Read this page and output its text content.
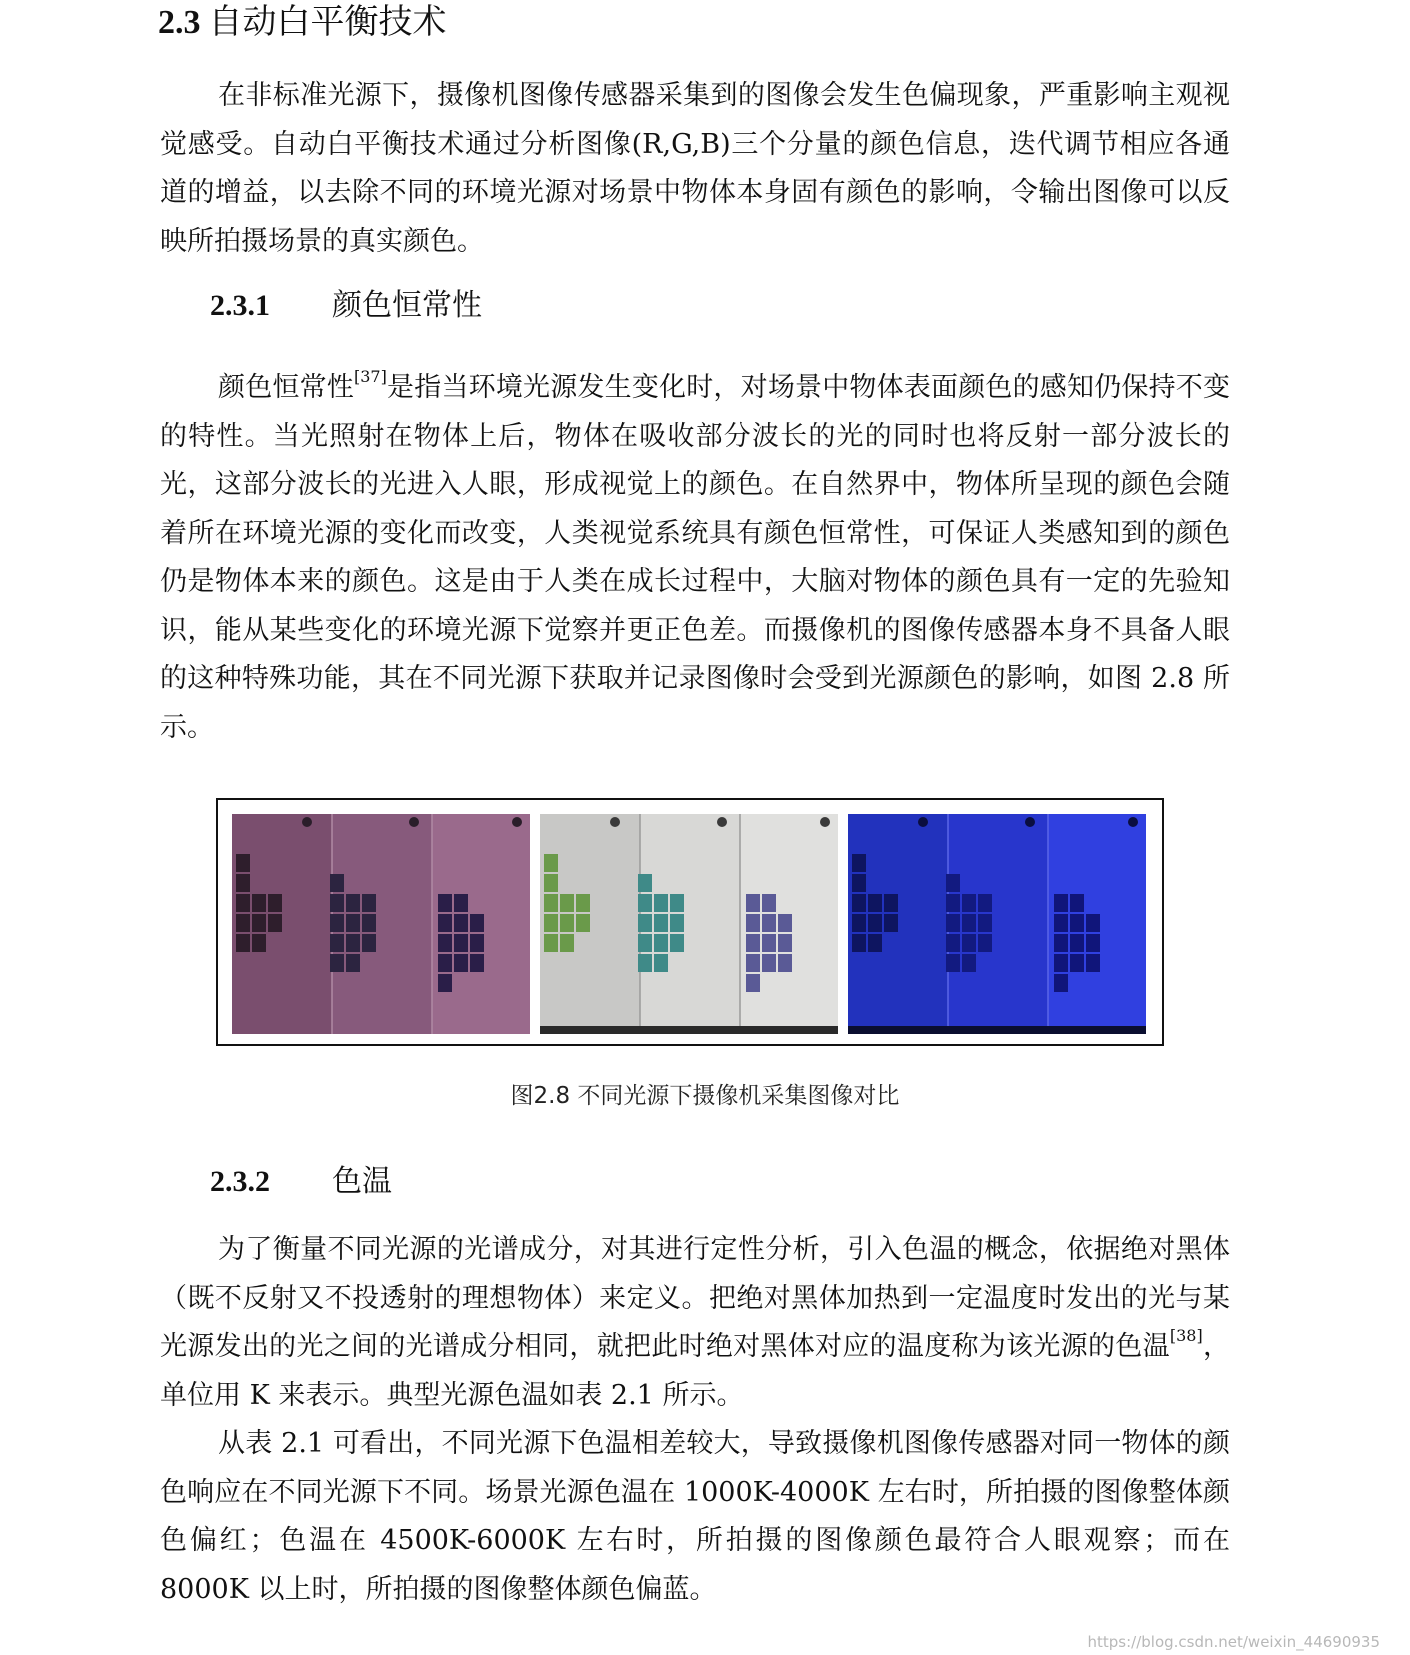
2.3 自动白平衡技术

在非标准光源下，摄像机图像传感器采集到的图像会发生色偏现象，严重影响主观视觉感受。自动白平衡技术通过分析图像(R,G,B)三个分量的颜色信息，迭代调节相应各通道的增益，以去除不同的环境光源对场景中物体本身固有颜色的影响，令输出图像可以反映所拍摄场景的真实颜色。

2.3.1 颜色恒常性

颜色恒常性[37]是指当环境光源发生变化时，对场景中物体表面颜色的感知仍保持不变的特性。当光照射在物体上后，物体在吸收部分波长的光的同时也将反射一部分波长的光，这部分波长的光进入人眼，形成视觉上的颜色。在自然界中，物体所呈现的颜色会随着所在环境光源的变化而改变，人类视觉系统具有颜色恒常性，可保证人类感知到的颜色仍是物体本来的颜色。这是由于人类在成长过程中，大脑对物体的颜色具有一定的先验知识，能从某些变化的环境光源下觉察并更正色差。而摄像机的图像传感器本身不具备人眼的这种特殊功能，其在不同光源下获取并记录图像时会受到光源颜色的影响，如图 2.8 所示。

图2.8 不同光源下摄像机采集图像对比
2.3.2 色温

为了衡量不同光源的光谱成分，对其进行定性分析，引入色温的概念，依据绝对黑体（既不反射又不投透射的理想物体）来定义。把绝对黑体加热到一定温度时发出的光与某光源发出的光之间的光谱成分相同，就把此时绝对黑体对应的温度称为该光源的色温[38]，单位用 K 来表示。典型光源色温如表 2.1 所示。

从表 2.1 可看出，不同光源下色温相差较大，导致摄像机图像传感器对同一物体的颜色响应在不同光源下不同。场景光源色温在 1000K-4000K 左右时，所拍摄的图像整体颜色偏红；色温在 4500K-6000K 左右时，所拍摄的图像颜色最符合人眼观察；而在 8000K 以上时，所拍摄的图像整体颜色偏蓝。

https://blog.csdn.net/weixin_44690935
